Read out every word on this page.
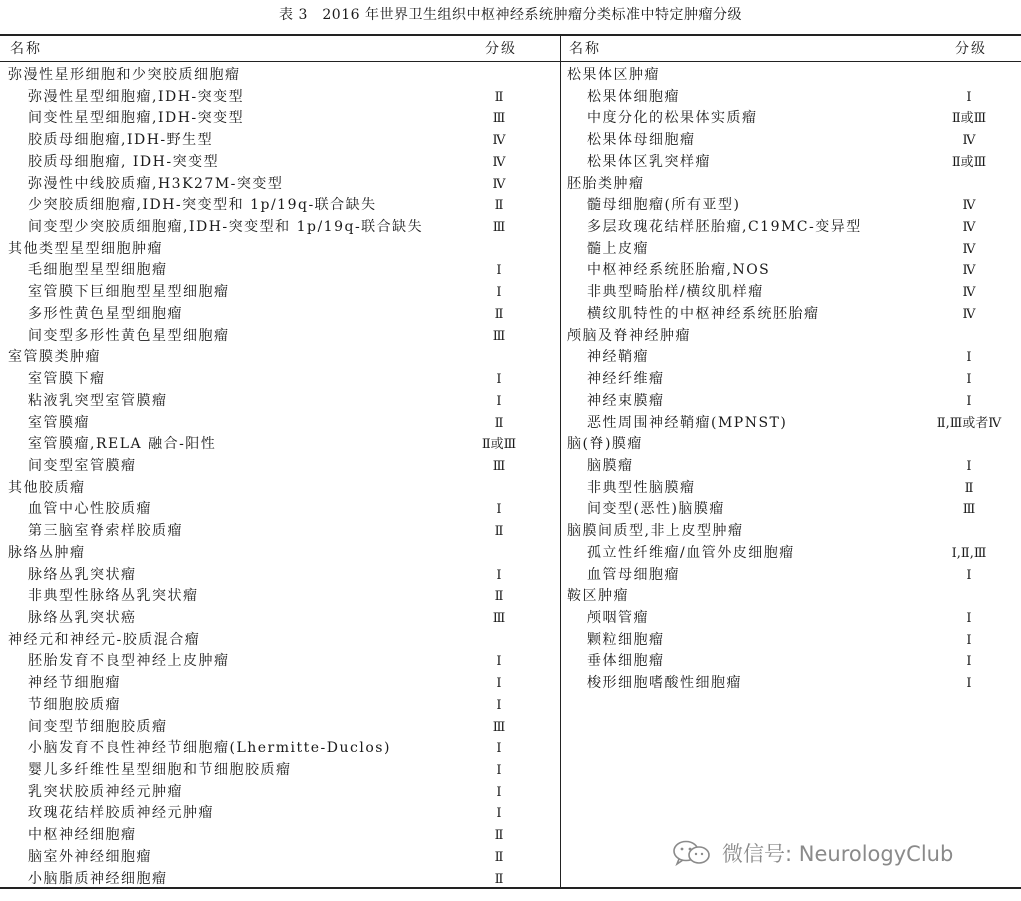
表 3　2016 年世界卫生组织中枢神经系统肿瘤分类标准中特定肿瘤分级
名称	分级	名称	分级
弥漫性星形细胞和少突胶质细胞瘤
弥漫性星型细胞瘤,IDH-突变型	Ⅱ
间变性星型细胞瘤,IDH-突变型	Ⅲ
胶质母细胞瘤,IDH-野生型	Ⅳ
胶质母细胞瘤, IDH-突变型	Ⅳ
弥漫性中线胶质瘤,H3K27M-突变型	Ⅳ
少突胶质细胞瘤,IDH-突变型和 1p/19q-联合缺失	Ⅱ
间变型少突胶质细胞瘤,IDH-突变型和 1p/19q-联合缺失	Ⅲ
其他类型星型细胞肿瘤
毛细胞型星型细胞瘤	Ⅰ
室管膜下巨细胞型星型细胞瘤	Ⅰ
多形性黄色星型细胞瘤	Ⅱ
间变型多形性黄色星型细胞瘤	Ⅲ
室管膜类肿瘤
室管膜下瘤	Ⅰ
粘液乳突型室管膜瘤	Ⅰ
室管膜瘤	Ⅱ
室管膜瘤,RELA 融合-阳性	Ⅱ或Ⅲ
间变型室管膜瘤	Ⅲ
其他胶质瘤
血管中心性胶质瘤	Ⅰ
第三脑室脊索样胶质瘤	Ⅱ
脉络丛肿瘤
脉络丛乳突状瘤	Ⅰ
非典型性脉络丛乳突状瘤	Ⅱ
脉络丛乳突状癌	Ⅲ
神经元和神经元-胶质混合瘤
胚胎发育不良型神经上皮肿瘤	Ⅰ
神经节细胞瘤	Ⅰ
节细胞胶质瘤	Ⅰ
间变型节细胞胶质瘤	Ⅲ
小脑发育不良性神经节细胞瘤(Lhermitte-Duclos)	Ⅰ
婴儿多纤维性星型细胞和节细胞胶质瘤	Ⅰ
乳突状胶质神经元肿瘤	Ⅰ
玫瑰花结样胶质神经元肿瘤	Ⅰ
中枢神经细胞瘤	Ⅱ
脑室外神经细胞瘤	Ⅱ
小脑脂质神经细胞瘤	Ⅱ
松果体区肿瘤
松果体细胞瘤	Ⅰ
中度分化的松果体实质瘤	Ⅱ或Ⅲ
松果体母细胞瘤	Ⅳ
松果体区乳突样瘤	Ⅱ或Ⅲ
胚胎类肿瘤
髓母细胞瘤(所有亚型)	Ⅳ
多层玫瑰花结样胚胎瘤,C19MC-变异型	Ⅳ
髓上皮瘤	Ⅳ
中枢神经系统胚胎瘤,NOS	Ⅳ
非典型畸胎样/横纹肌样瘤	Ⅳ
横纹肌特性的中枢神经系统胚胎瘤	Ⅳ
颅脑及脊神经肿瘤
神经鞘瘤	Ⅰ
神经纤维瘤	Ⅰ
神经束膜瘤	Ⅰ
恶性周围神经鞘瘤(MPNST)	Ⅱ,Ⅲ或者Ⅳ
脑(脊)膜瘤
脑膜瘤	Ⅰ
非典型性脑膜瘤	Ⅱ
间变型(恶性)脑膜瘤	Ⅲ
脑膜间质型,非上皮型肿瘤
孤立性纤维瘤/血管外皮细胞瘤	Ⅰ,Ⅱ,Ⅲ
血管母细胞瘤	Ⅰ
鞍区肿瘤
颅咽管瘤	Ⅰ
颗粒细胞瘤	Ⅰ
垂体细胞瘤	Ⅰ
梭形细胞嗜酸性细胞瘤	Ⅰ
微信号: NeurologyClub
